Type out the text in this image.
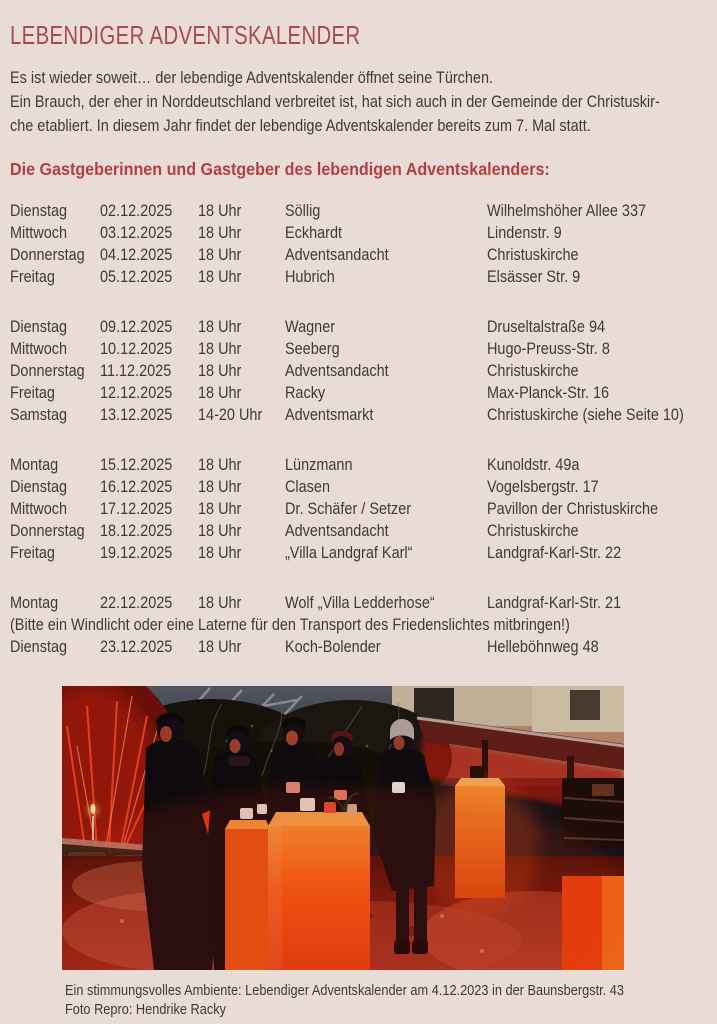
LEBENDIGER ADVENTSKALENDER
Es ist wieder soweit… der lebendige Adventskalender öffnet seine Türchen.
Ein Brauch, der eher in Norddeutschland verbreitet ist, hat sich auch in der Gemeinde der Christuskir-
che etabliert. In diesem Jahr findet der lebendige Adventskalender bereits zum 7. Mal statt.
Die Gastgeberinnen und Gastgeber des lebendigen Adventskalenders:
Dienstag	02.12.2025	18 Uhr	Söllig	Wilhelmshöher Allee 337
Mittwoch	03.12.2025	18 Uhr	Eckhardt	Lindenstr. 9
Donnerstag 04.12.2025	18 Uhr	Adventsandacht	Christuskirche
Freitag	05.12.2025	18 Uhr	Hubrich	Elsässer Str. 9
Dienstag	09.12.2025	18 Uhr	Wagner	Druseltalstraße 94
Mittwoch	10.12.2025	18 Uhr	Seeberg	Hugo-Preuss-Str. 8
Donnerstag 11.12.2025	18 Uhr	Adventsandacht	Christuskirche
Freitag	12.12.2025	18 Uhr	Racky	Max-Planck-Str. 16
Samstag	13.12.2025	14-20 Uhr	Adventsmarkt	Christuskirche (siehe Seite 10)
Montag	15.12.2025	18 Uhr	Lünzmann	Kunoldstr. 49a
Dienstag	16.12.2025	18 Uhr	Clasen	Vogelsbergstr. 17
Mittwoch	17.12.2025	18 Uhr	Dr. Schäfer / Setzer	Pavillon der Christuskirche
Donnerstag 18.12.2025	18 Uhr	Adventsandacht	Christuskirche
Freitag	19.12.2025	18 Uhr	„Villa Landgraf Karl“	Landgraf-Karl-Str. 22
Montag	22.12.2025	18 Uhr	Wolf „Villa Ledderhose“	Landgraf-Karl-Str. 21
(Bitte ein Windlicht oder eine Laterne für den Transport des Friedenslichtes mitbringen!)
Dienstag	23.12.2025	18 Uhr	Koch-Bolender	Helleböhnweg 48
Ein stimmungsvolles Ambiente: Lebendiger Adventskalender am 4.12.2023 in der Baunsbergstr. 43
Foto Repro: Hendrike Racky
